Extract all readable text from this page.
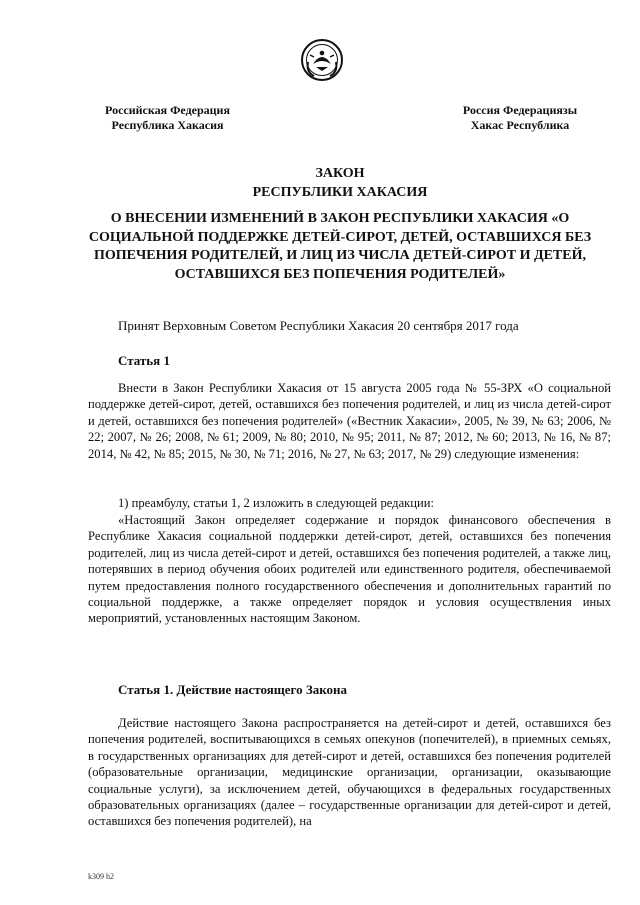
Российская Федерация
Республика Хакасия
Россия Федерациязы
Хакас Республика
ЗАКОН
РЕСПУБЛИКИ ХАКАСИЯ
О ВНЕСЕНИИ ИЗМЕНЕНИЙ В ЗАКОН РЕСПУБЛИКИ ХАКАСИЯ «О СОЦИАЛЬНОЙ ПОДДЕРЖКЕ ДЕТЕЙ-СИРОТ, ДЕТЕЙ, ОСТАВШИХСЯ БЕЗ ПОПЕЧЕНИЯ РОДИТЕЛЕЙ, И ЛИЦ ИЗ ЧИСЛА ДЕТЕЙ-СИРОТ И ДЕТЕЙ, ОСТАВШИХСЯ БЕЗ ПОПЕЧЕНИЯ РОДИТЕЛЕЙ»
Принят Верховным Советом Республики Хакасия 20 сентября 2017 года
Статья 1

Внести в Закон Республики Хакасия от 15 августа 2005 года № 55-ЗРХ «О социальной поддержке детей-сирот, детей, оставшихся без попечения родителей, и лиц из числа детей-сирот и детей, оставшихся без попечения родителей» («Вестник Хакасии», 2005, № 39, № 63; 2006, № 22; 2007, № 26; 2008, № 61; 2009, № 80; 2010, № 95; 2011, № 87; 2012, № 60; 2013, № 16, № 87; 2014, № 42, № 85; 2015, № 30, № 71; 2016, № 27, № 63; 2017, № 29) следующие изменения:

1) преамбулу, статьи 1, 2 изложить в следующей редакции:

«Настоящий Закон определяет содержание и порядок финансового обеспечения в Республике Хакасия социальной поддержки детей-сирот, детей, оставшихся без попечения родителей, лиц из числа детей-сирот и детей, оставшихся без попечения родителей, а также лиц, потерявших в период обучения обоих родителей или единственного родителя, обеспечиваемой путем предоставления полного государственного обеспечения и дополнительных гарантий по социальной поддержке, а также определяет порядок и условия осуществления иных мероприятий, установленных настоящим Законом.

Статья 1. Действие настоящего Закона

Действие настоящего Закона распространяется на детей-сирот и детей, оставшихся без попечения родителей, воспитывающихся в семьях опекунов (попечителей), в приемных семьях, в государственных организациях для детей-сирот и детей, оставшихся без попечения родителей (образовательные организации, медицинские организации, организации, оказывающие социальные услуги), за исключением детей, обучающихся в федеральных государственных образовательных организациях (далее – государственные организации для детей-сирот и детей, оставшихся без попечения родителей), на

k309 h2
